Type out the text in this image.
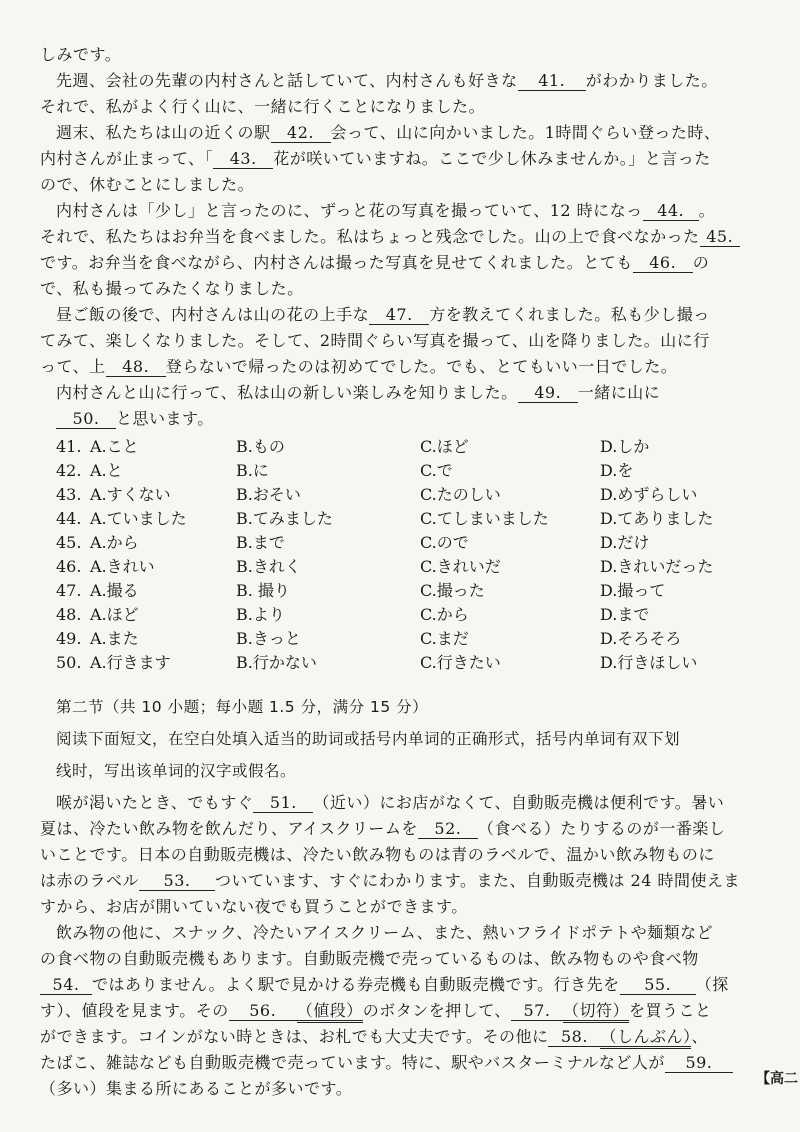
しみです。
先週、会社の先輩の内村さんと話していて、内村さんも好きな 41. がわかりました。
それで、私がよく行く山に、一緒に行くことになりました。
週末、私たちは山の近くの駅 42. 会って、山に向かいました。1時間ぐらい登った時、
内村さんが止まって、「 43. 花が咲いていますね。ここで少し休みませんか。」と言った
ので、休むことにしました。
内村さんは「少し」と言ったのに、ずっと花の写真を撮っていて、12 時になっ 44. 。
それで、私たちはお弁当を食べました。私はちょっと残念でした。山の上で食べなかった 45.
です。お弁当を食べながら、内村さんは撮った写真を見せてくれました。とても 46. の
で、私も撮ってみたくなりました。
昼ご飯の後で、内村さんは山の花の上手な 47. 方を教えてくれました。私も少し撮っ
てみて、楽しくなりました。そして、2時間ぐらい写真を撮って、山を降りました。山に行
って、上 48. 登らないで帰ったのは初めてでした。でも、とてもいい一日でした。
内村さんと山に行って、私は山の新しい楽しみを知りました。 49. 一緒に山に
50. と思います。
41. A.こと	B.もの	C.ほど	D.しか
42. A.と	B.に	C.で	D.を
43. A.すくない	B.おそい	C.たのしい	D.めずらしい
44. A.ていました	B.てみました	C.てしまいました	D.てありました
45. A.から	B.まで	C.ので	D.だけ
46. A.きれい	B.きれく	C.きれいだ	D.きれいだった
47. A.撮る	B. 撮り	C.撮った	D.撮って
48. A.ほど	B.より	C.から	D.まで
49. A.また	B.きっと	C.まだ	D.そろそろ
50. A.行きます	B.行かない	C.行きたい	D.行きほしい
第二节（共 10 小题；每小题 1.5 分，满分 15 分）
阅读下面短文，在空白处填入适当的助词或括号内单词的正确形式，括号内单词有双下划
线时，写出该单词的汉字或假名。
喉が渇いたとき、でもすぐ 51. （近い）にお店がなくて、自動販売機は便利です。暑い
夏は、冷たい飲み物を飲んだり、アイスクリームを 52. （食べる）たりするのが一番楽し
いことです。日本の自動販売機は、冷たい飲み物ものは青のラベルで、温かい飲み物ものに
は赤のラベル 53. ついています、すぐにわかります。また、自動販売機は 24 時間使えま
すから、お店が開いていない夜でも買うことができます。
飲み物の他に、スナック、冷たいアイスクリーム、また、熱いフライドポテトや麺類など
の食べ物の自動販売機もあります。自動販売機で売っているものは、飲み物ものや食べ物
54. ではありません。よく駅で見かける券売機も自動販売機です。行き先を 55. （探
す）、値段を見ます。その 56. （値段）のボタンを押して、 57. （切符）を買うこと
ができます。コインがない時ときは、お札でも大丈夫です。その他に 58. （しんぶん）、
たばこ、雑誌なども自動販売機で売っています。特に、駅やバスターミナルなど人が 59.
（多い）集まる所にあることが多いです。	【高二
